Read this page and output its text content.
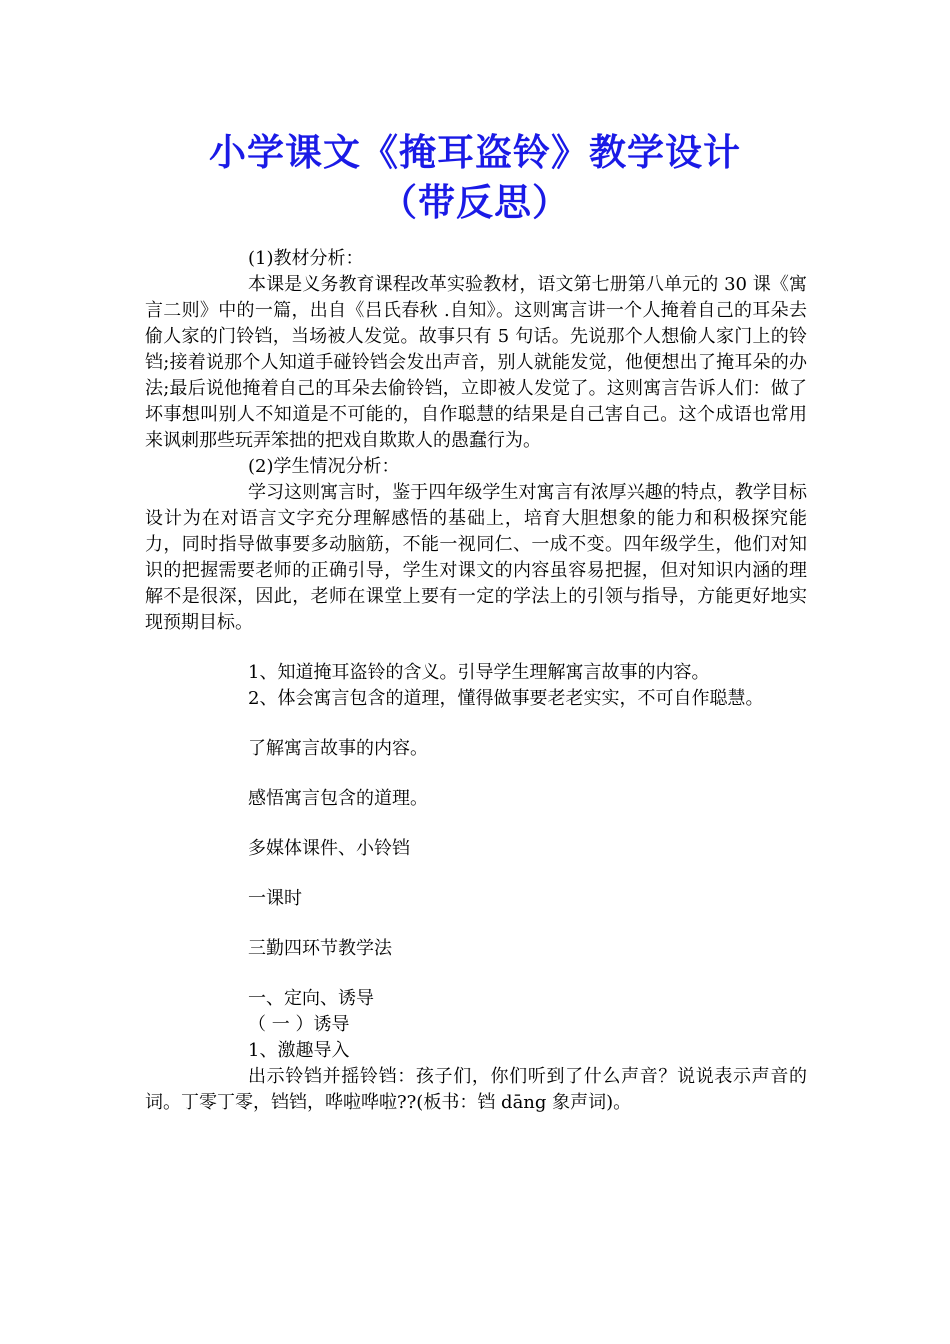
小学课文《掩耳盗铃》教学设计
（带反思）

(1)教材分析：

本课是义务教育课程改革实验教材，语文第七册第八单元的 30 课《寓言二则》中的一篇，出自《吕氏春秋 .自知》。这则寓言讲一个人掩着自己的耳朵去偷人家的门铃铛，当场被人发觉。故事只有 5 句话。先说那个人想偷人家门上的铃铛;接着说那个人知道手碰铃铛会发出声音，别人就能发觉，他便想出了掩耳朵的办法;最后说他掩着自己的耳朵去偷铃铛，立即被人发觉了。这则寓言告诉人们：做了坏事想叫别人不知道是不可能的，自作聪慧的结果是自己害自己。这个成语也常用来讽刺那些玩弄笨拙的把戏自欺欺人的愚蠢行为。

(2)学生情况分析：

学习这则寓言时，鉴于四年级学生对寓言有浓厚兴趣的特点，教学目标设计为在对语言文字充分理解感悟的基础上，培育大胆想象的能力和积极探究能力，同时指导做事要多动脑筋，不能一视同仁、一成不变。四年级学生，他们对知识的把握需要老师的正确引导，学生对课文的内容虽容易把握，但对知识内涵的理解不是很深，因此，老师在课堂上要有一定的学法上的引领与指导，方能更好地实现预期目标。

1、知道掩耳盗铃的含义。引导学生理解寓言故事的内容。

2、体会寓言包含的道理，懂得做事要老老实实，不可自作聪慧。

了解寓言故事的内容。

感悟寓言包含的道理。

多媒体课件、小铃铛

一课时

三勤四环节教学法

一、定向、诱导

（ 一 ）诱导

1、激趣导入

出示铃铛并摇铃铛：孩子们，你们听到了什么声音？说说表示声音的词。丁零丁零，铛铛，哗啦哗啦??(板书：铛 dāng 象声词)。
